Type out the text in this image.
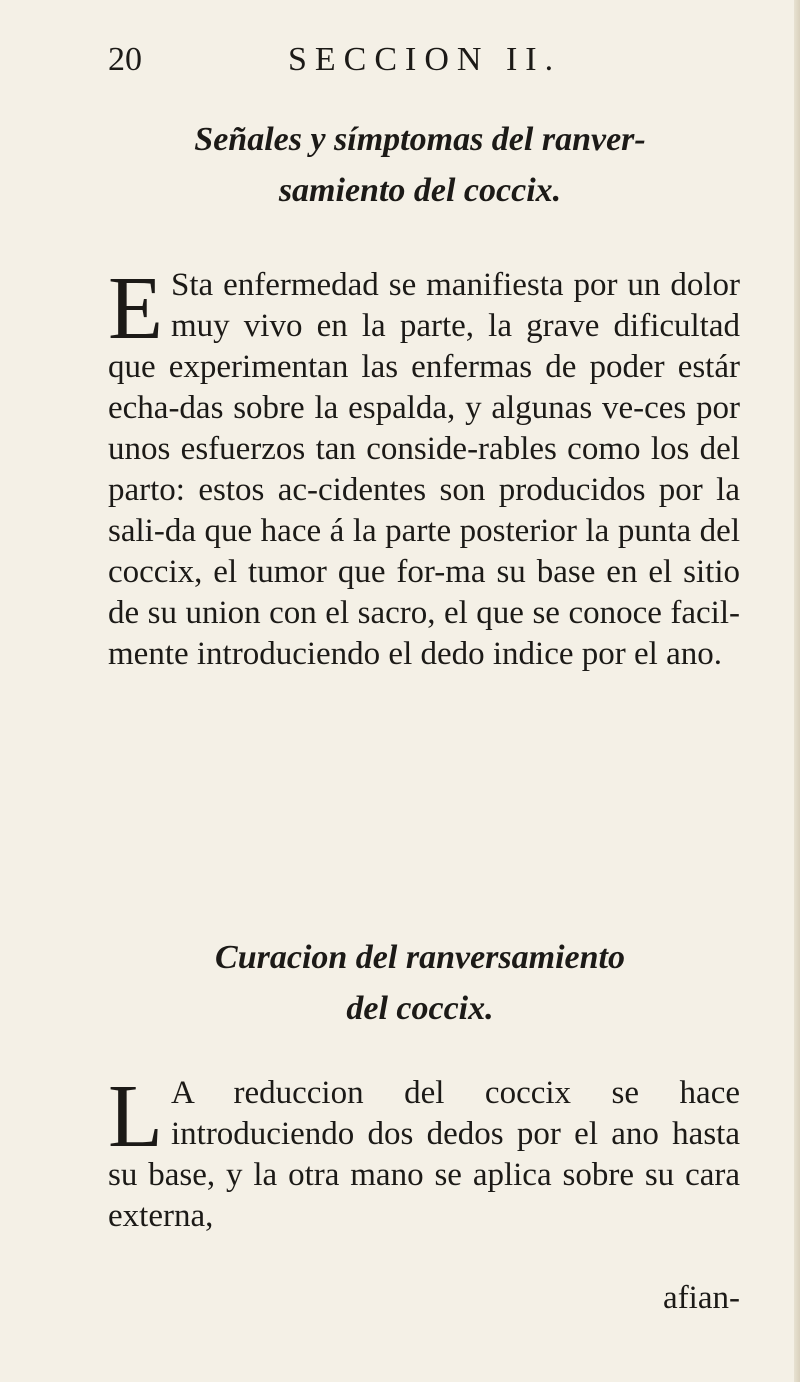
20	SECCION II.
Señales y símptomas del ranver-
samiento del coccix.

E Sta enfermedad se manifiesta por un dolor muy vivo en la parte, la grave dificultad que experimentan las enfermas de poder estár echa-das sobre la espalda, y algunas ve-ces por unos esfuerzos tan conside-rables como los del parto: estos ac-cidentes son producidos por la sali-da que hace á la parte posterior la punta del coccix, el tumor que for-ma su base en el sitio de su union con el sacro, el que se conoce facil-mente introduciendo el dedo indice por el ano.

Curacion del ranversamiento
del coccix.

L A reduccion del coccix se hace introduciendo dos dedos por el ano hasta su base, y la otra mano se aplica sobre su cara externa,

afian-
